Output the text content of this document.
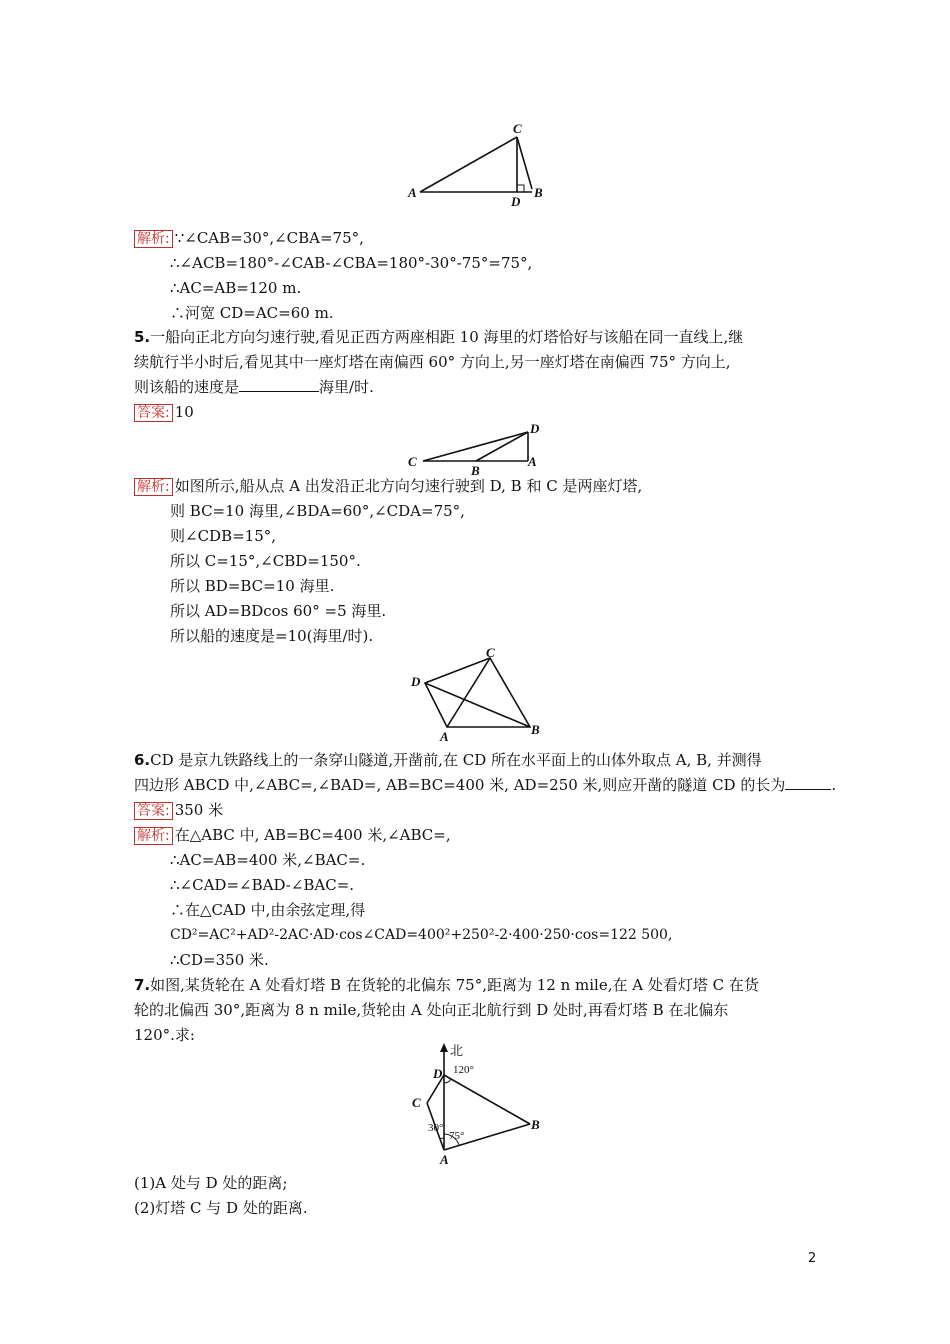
C
A
D
B
解析: ∵∠CAB=30°,∠CBA=75°,
∴∠ACB=180°-∠CAB-∠CBA=180°-30°-75°=75°,
∴AC=AB=120 m.
∴河宽 CD=AC=60 m.
5.一船向正北方向匀速行驶,看见正西方两座相距 10 海里的灯塔恰好与该船在同一直线上,继
续航行半小时后,看见其中一座灯塔在南偏西 60° 方向上,另一座灯塔在南偏西 75° 方向上,
则该船的速度是	海里/时.
答案: 10
D
C
B
A
解析: 如图所示,船从点 A 出发沿正北方向匀速行驶到 D, B 和 C 是两座灯塔,
则 BC=10 海里,∠BDA=60°,∠CDA=75°,
则∠CDB=15°,
所以 C=15°,∠CBD=150°.
所以 BD=BC=10 海里.
所以 AD=BDcos 60° =5 海里.
所以船的速度是=10(海里/时).
C
D
A	B
6.CD 是京九铁路线上的一条穿山隧道,开凿前,在 CD 所在水平面上的山体外取点 A, B, 并测得
四边形 ABCD 中,∠ABC=,∠BAD=, AB=BC=400 米, AD=250 米,则应开凿的隧道 CD 的长为	.
答案: 350 米
解析: 在△ABC 中, AB=BC=400 米,∠ABC=,
∴AC=AB=400 米,∠BAC=.
∴∠CAD=∠BAD-∠BAC=.
∴在△CAD 中,由余弦定理,得
CD²=AC²+AD²-2AC·AD·cos∠CAD=400²+250²-2·400·250·cos=122 500,
∴CD=350 米.
7.如图,某货轮在 A 处看灯塔 B 在货轮的北偏东 75°,距离为 12 n mile,在 A 处看灯塔 C 在货
轮的北偏西 30°,距离为 8 n mile,货轮由 A 处向正北航行到 D 处时,再看灯塔 B 在北偏东
120°.求:
北
D 120°
C
30°
75°
B
A
(1)A 处与 D 处的距离;
(2)灯塔 C 与 D 处的距离.
2
